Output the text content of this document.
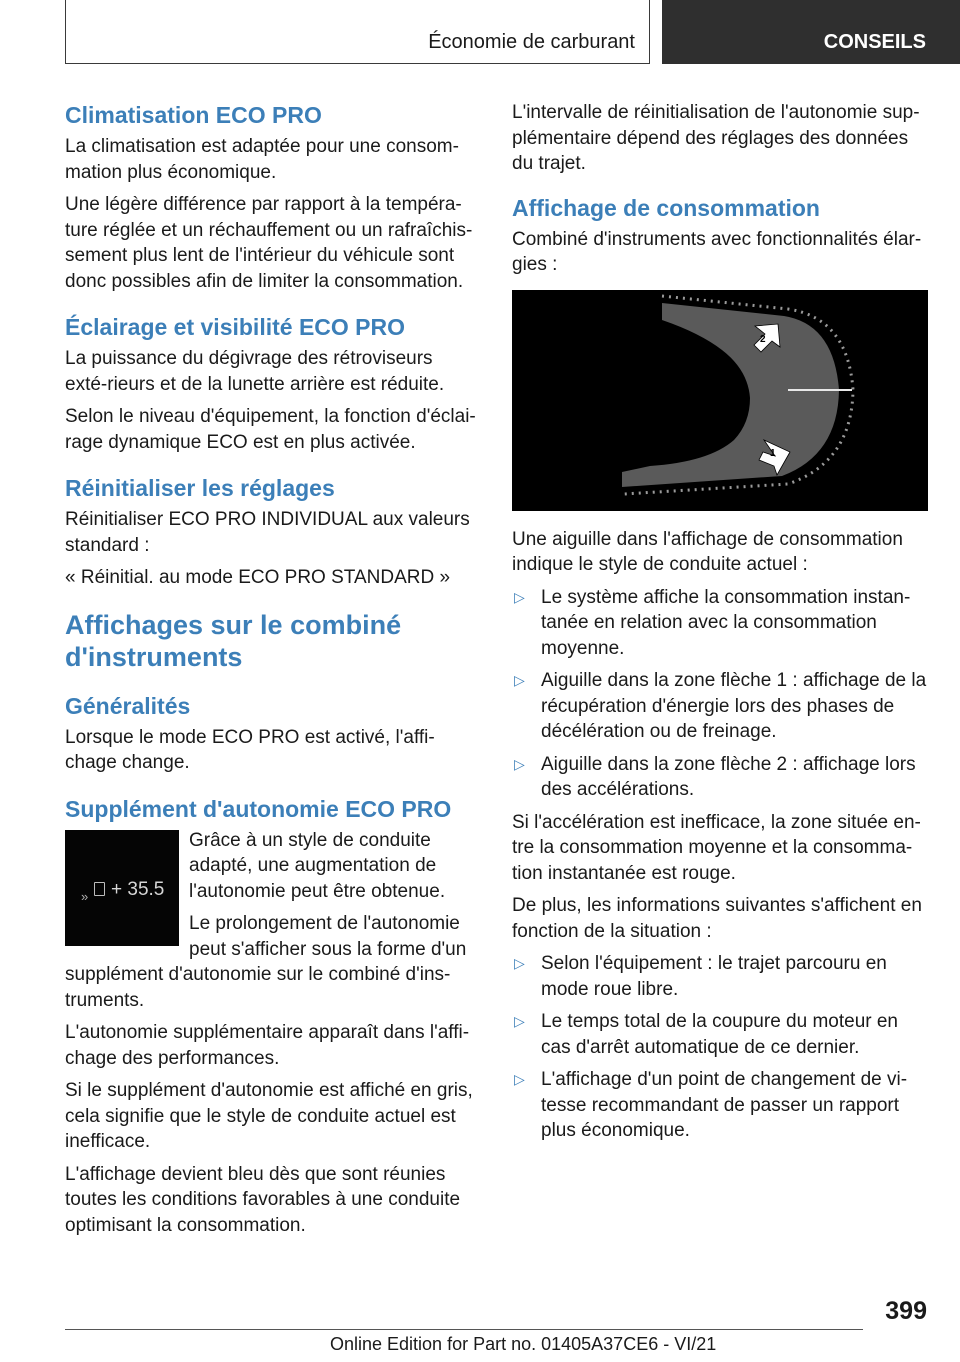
Économie de carburant	CONSEILS
Climatisation ECO PRO

La climatisation est adaptée pour une consom-mation plus économique.

Une légère différence par rapport à la tempéra-ture réglée et un réchauffement ou un rafraîchis-sement plus lent de l'intérieur du véhicule sont donc possibles afin de limiter la consommation.

Éclairage et visibilité ECO PRO

La puissance du dégivrage des rétroviseurs exté-rieurs et de la lunette arrière est réduite.

Selon le niveau d'équipement, la fonction d'éclai-rage dynamique ECO est en plus activée.

Réinitialiser les réglages

Réinitialiser ECO PRO INDIVIDUAL aux valeurs standard :

« Réinitial. au mode ECO PRO STANDARD »

Affichages sur le combiné d'instruments
Généralités

Lorsque le mode ECO PRO est activé, l'affi-chage change.

Supplément d'autonomie ECO PRO
» + 35.5

Grâce à un style de conduite adapté, une augmentation de l'autonomie peut être obtenue.

Le prolongement de l'autonomie peut s'afficher sous la forme d'un supplément d'autonomie sur le combiné d'ins-truments.

L'autonomie supplémentaire apparaît dans l'affi-chage des performances.

Si le supplément d'autonomie est affiché en gris, cela signifie que le style de conduite actuel est inefficace.

L'affichage devient bleu dès que sont réunies toutes les conditions favorables à une conduite optimisant la consommation.

L'intervalle de réinitialisation de l'autonomie sup-plémentaire dépend des réglages des données du trajet.

Affichage de consommation

Combiné d'instruments avec fonctionnalités élar-gies :

2
1

Une aiguille dans l'affichage de consommation indique le style de conduite actuel :

▷ Le système affiche la consommation instan-tanée en relation avec la consommation moyenne.
▷ Aiguille dans la zone flèche 1 : affichage de la récupération d'énergie lors des phases de décélération ou de freinage.
▷ Aiguille dans la zone flèche 2 : affichage lors des accélérations.

Si l'accélération est inefficace, la zone située en-tre la consommation moyenne et la consomma-tion instantanée est rouge.

De plus, les informations suivantes s'affichent en fonction de la situation :

▷ Selon l'équipement : le trajet parcouru en mode roue libre.
▷ Le temps total de la coupure du moteur en cas d'arrêt automatique de ce dernier.
▷ L'affichage d'un point de changement de vi-tesse recommandant de passer un rapport plus économique.
399
Online Edition for Part no. 01405A37CE6 - VI/21
